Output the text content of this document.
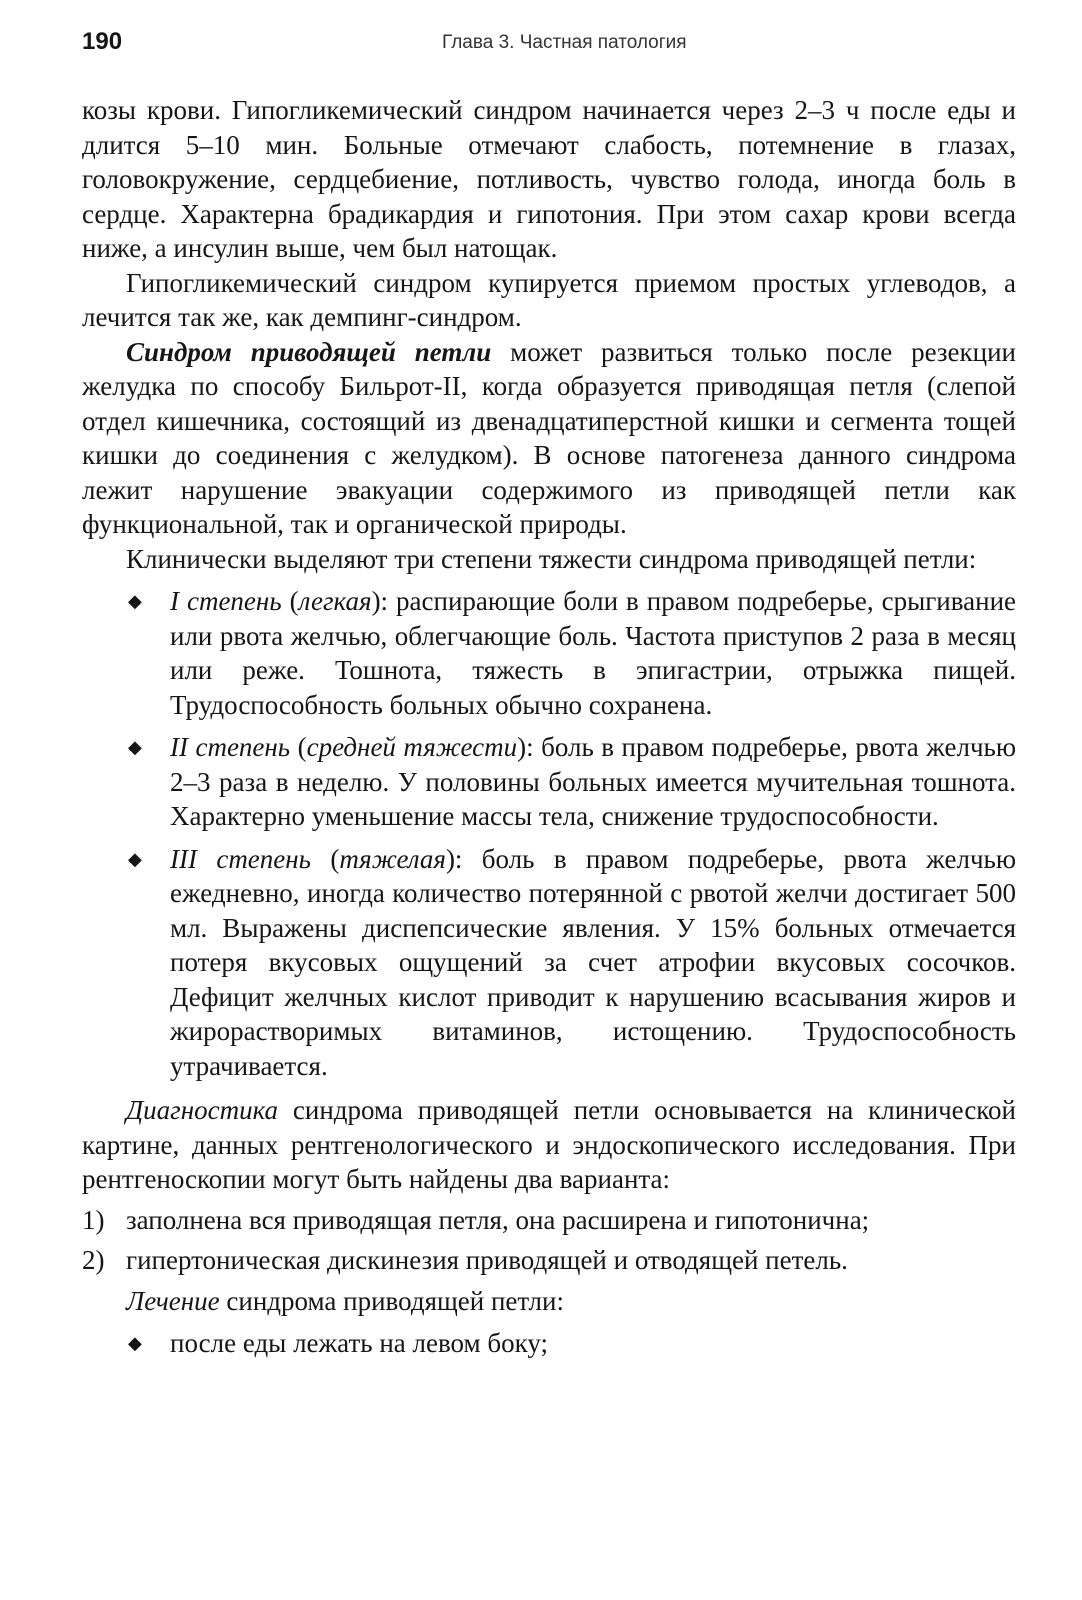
190	Глава 3. Частная патология

козы крови. Гипогликемический синдром начинается через 2–3 ч после еды и длится 5–10 мин. Больные отмечают слабость, потемнение в глазах, головокружение, сердцебиение, потливость, чувство голода, иногда боль в сердце. Характерна брадикардия и гипотония. При этом сахар крови всегда ниже, а инсулин выше, чем был натощак.

Гипогликемический синдром купируется приемом простых углеводов, а лечится так же, как демпинг-синдром.

Синдром приводящей петли может развиться только после резекции желудка по способу Бильрот-II, когда образуется приводящая петля (слепой отдел кишечника, состоящий из двенадцатиперстной кишки и сегмента тощей кишки до соединения с желудком). В основе патогенеза данного синдрома лежит нарушение эвакуации содержимого из приводящей петли как функциональной, так и органической природы.

Клинически выделяют три степени тяжести синдрома приводящей петли:

◆ I степень (легкая): распирающие боли в правом подреберье, срыгивание или рвота желчью, облегчающие боль. Частота приступов 2 раза в месяц или реже. Тошнота, тяжесть в эпигастрии, отрыжка пищей. Трудоспособность больных обычно сохранена.
◆ II степень (средней тяжести): боль в правом подреберье, рвота желчью 2–3 раза в неделю. У половины больных имеется мучительная тошнота. Характерно уменьшение массы тела, снижение трудоспособности.
◆ III степень (тяжелая): боль в правом подреберье, рвота желчью ежедневно, иногда количество потерянной с рвотой желчи достигает 500 мл. Выражены диспепсические явления. У 15% больных отмечается потеря вкусовых ощущений за счет атрофии вкусовых сосочков. Дефицит желчных кислот приводит к нарушению всасывания жиров и жирорастворимых витаминов, истощению. Трудоспособность утрачивается.

Диагностика синдрома приводящей петли основывается на клинической картине, данных рентгенологического и эндоскопического исследования. При рентгеноскопии могут быть найдены два варианта:

1) заполнена вся приводящая петля, она расширена и гипотонична;
2) гипертоническая дискинезия приводящей и отводящей петель.

Лечение синдрома приводящей петли:

◆ после еды лежать на левом боку;
